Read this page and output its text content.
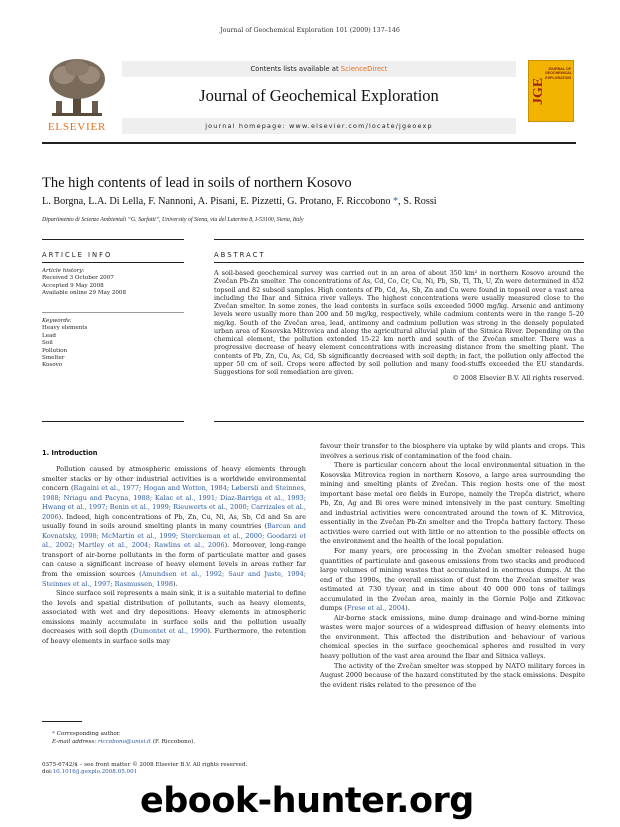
Journal of Geochemical Exploration 101 (2009) 137–146
ELSEVIER
Contents lists available at ScienceDirect
Journal of Geochemical Exploration
journal homepage: www.elsevier.com/locate/jgeoexp
JGE
JOURNAL OF GEOCHEMICAL EXPLORATION
The high contents of lead in soils of northern Kosovo
L. Borgna, L.A. Di Lella, F. Nannoni, A. Pisani, E. Pizzetti, G. Protano, F. Riccobono *, S. Rossi
Dipartimento di Scienze Ambientali “G. Sarfatti”, University of Siena, via del Laterino 8, I-53100, Siena, Italy
ARTICLE INFO	ABSTRACT
Article history:
Received 3 October 2007
Accepted 9 May 2008
Available online 29 May 2008
Keywords:
Heavy elements
Lead
Soil
Pollution
Smelter
Kosovo
A soil-based geochemical survey was carried out in an area of about 350 km² in northern Kosovo around the Zvečan Pb-Zn smelter. The concentrations of As, Cd, Co, Cr, Cu, Ni, Pb, Sb, Tl, Th, U, Zn were determined in 452 topsoil and 82 subsoil samples. High contents of Pb, Cd, As, Sb, Zn and Cu were found in topsoil over a vast area including the Ibar and Sitnica river valleys. The highest concentrations were usually measured close to the Zvečan smelter. In some zones, the lead contents in surface soils exceeded 5000 mg/kg. Arsenic and antimony levels were usually more than 200 and 50 mg/kg, respectively, while cadmium contents were in the range 5–20 mg/kg. South of the Zvečan area, lead, antimony and cadmium pollution was strong in the densely populated urban area of Kosovska Mitrovica and along the agricultural alluvial plain of the Sitnica River. Depending on the chemical element, the pollution extended 15-22 km north and south of the Zvečan smelter. There was a progressive decrease of heavy element concentrations with increasing distance from the smelting plant. The contents of Pb, Zn, Cu, As, Cd, Sb significantly decreased with soil depth; in fact, the pollution only affected the upper 50 cm of soil. Crops were affected by soil pollution and many food-stuffs exceeded the EU standards. Suggestions for soil remediation are given.
© 2008 Elsevier B.V. All rights reserved.
1. Introduction

Pollution caused by atmospheric emissions of heavy elements through smelter stacks or by other industrial activities is a worldwide environmental concern (Ragaini et al., 1977; Hogan and Wotton, 1984; Løbersli and Steinnes, 1988; Nriagu and Pacyna, 1988; Kalac et al., 1991; Díaz-Barriga et al., 1993; Hwang et al., 1997; Benin et al., 1999; Rieuwerts et al., 2000; Carrizales et al., 2006). Indeed, high concentrations of Pb, Zn, Cu, Ni, As, Sb, Cd and Sn are usually found in soils around smelting plants in many countries (Barcan and Kovnatsky, 1998; McMartin et al., 1999; Sterckeman et al., 2000; Goodarzi et al., 2002; Martley et al., 2004; Rawlins et al., 2006). Moreover, long-range transport of air-borne pollutants in the form of particulate matter and gases can cause a significant increase of heavy element levels in areas rather far from the emission sources (Amundsen et al., 1992; Saur and Juste, 1994; Steinnes et al., 1997; Rasmussen, 1998).

Since surface soil represents a main sink, it is a suitable material to define the levels and spatial distribution of pollutants, such as heavy elements, associated with wet and dry depositions. Heavy elements in atmospheric emissions mainly accumulate in surface soils and the pollution usually decreases with soil depth (Dumontet et al., 1990). Furthermore, the retention of heavy elements in surface soils may

favour their transfer to the biosphere via uptake by wild plants and crops. This involves a serious risk of contamination of the food chain.

There is particular concern about the local environmental situation in the Kosovska Mitrovica region in northern Kosovo, a large area surrounding the mining and smelting plants of Zvečan. This region hosts one of the most important base metal ore fields in Europe, namely the Trepča district, where Pb, Zn, Ag and Bi ores were mined intensively in the past century. Smelting and industrial activities were concentrated around the town of K. Mitrovica, essentially in the Zvečan Pb-Zn smelter and the Trepča battery factory. These activities were carried out with little or no attention to the possible effects on the environment and the health of the local population.

For many years, ore processing in the Zvečan smelter released huge quantities of particulate and gaseous emissions from two stacks and produced large volumes of mining wastes that accumulated in enormous dumps. At the end of the 1990s, the overall emission of dust from the Zvečan smelter was estimated at 730 t/year, and in time about 40 000 000 tons of tailings accumulated in the Zvečan area, mainly in the Gornie Polje and Zitkovac dumps (Frese et al., 2004).

Air-borne stack emissions, mine dump drainage and wind-borne mining wastes were major sources of a widespread diffusion of heavy elements into the environment. This affected the distribution and behaviour of various chemical species in the surface geochemical spheres and resulted in very heavy pollution of the vast area around the Ibar and Sitnica valleys.

The activity of the Zvečan smelter was stopped by NATO military forces in August 2000 because of the hazard constituted by the stack emissions. Despite the evident risks related to the presence of the

* Corresponding author.
E-mail address: riccobono@unisi.it (F. Riccobono).
0375-6742/$ – see front matter © 2008 Elsevier B.V. All rights reserved.
doi:10.1016/j.gexplo.2008.05.001
ebook-hunter.org
